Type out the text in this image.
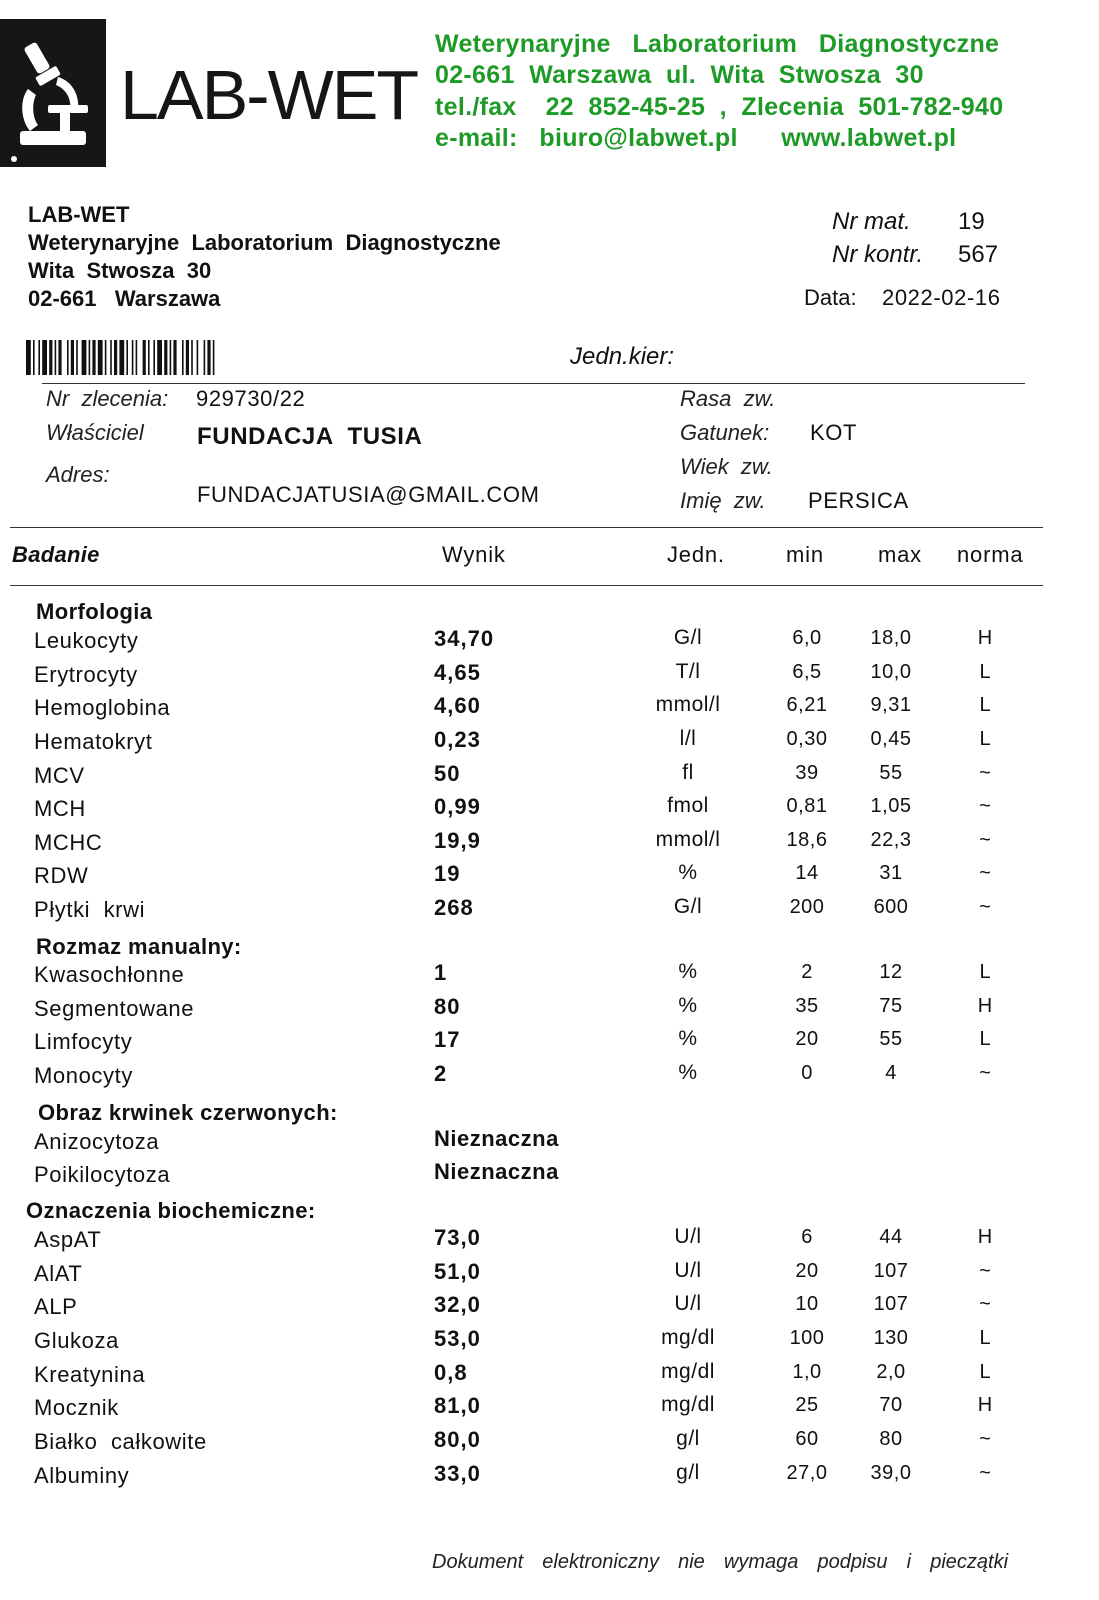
LAB-WET
Weterynaryjne   Laboratorium   Diagnostyczne
02-661  Warszawa  ul.  Wita  Stwosza  30
tel./fax    22  852-45-25  ,  Zlecenia  501-782-940
e-mail:   biuro@labwet.pl      www.labwet.pl
LAB-WET
Weterynaryjne  Laboratorium  Diagnostyczne
Wita  Stwosza  30
02-661   Warszawa
Nr mat. 19
Nr kontr. 567
Data: 2022-02-16
Jedn.kier:
Nr  zlecenia: 929730/22
Właściciel FUNDACJA  TUSIA
Adres:
FUNDACJATUSIA@GMAIL.COM
Rasa  zw.
Gatunek: KOT
Wiek  zw.
Imię  zw. PERSICA
Badanie	Wynik	Jedn.	min max norma
Morfologia
Leukocyty	34,70	G/l	6,0	18,0	H
Erytrocyty	4,65	T/l	6,5	10,0	L
Hemoglobina	4,60	mmol/l	6,21	9,31	L
Hematokryt	0,23	l/l	0,30	0,45	L
MCV	50	fl	39	55	~
MCH	0,99	fmol	0,81	1,05	~
MCHC	19,9	mmol/l	18,6	22,3	~
RDW	19	%	14	31	~
Płytki  krwi	268	G/l	200	600	~
Rozmaz manualny:
Kwasochłonne	1	%	2	12	L
Segmentowane	80	%	35	75	H
Limfocyty	17	%	20	55	L
Monocyty	2	%	0	4	~
Obraz krwinek czerwonych:
Anizocytoza	Nieznaczna
Poikilocytoza	Nieznaczna
Oznaczenia biochemiczne:
AspAT	73,0	U/l	6	44	H
AlAT	51,0	U/l	20	107	~
ALP	32,0	U/l	10	107	~
Glukoza	53,0	mg/dl	100	130	L
Kreatynina	0,8	mg/dl	1,0	2,0	L
Mocznik	81,0	mg/dl	25	70	H
Białko  całkowite	80,0	g/l	60	80	~
Albuminy	33,0	g/l	27,0	39,0	~
Dokument  elektroniczny  nie  wymaga  podpisu  i  pieczątki
